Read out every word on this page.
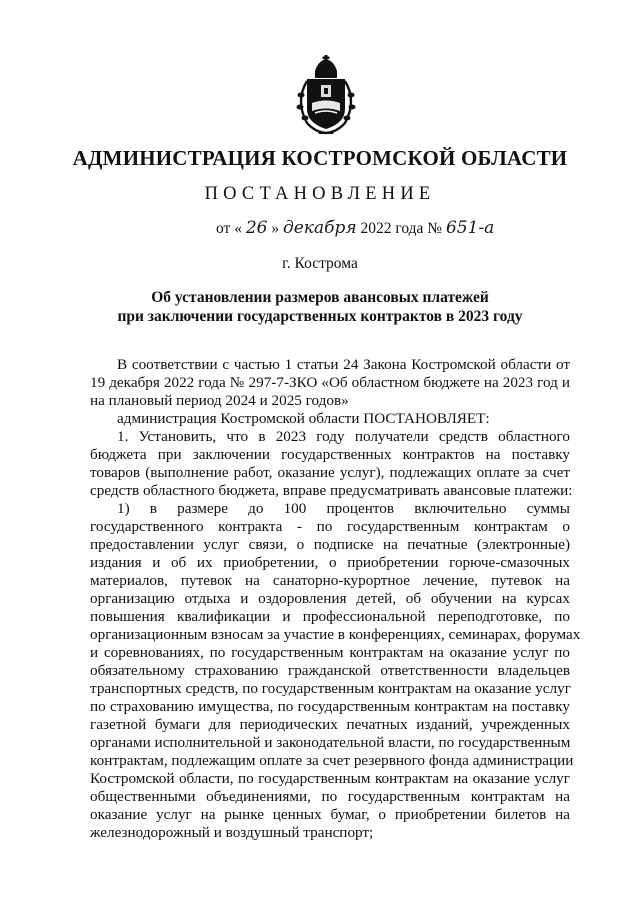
АДМИНИСТРАЦИЯ КОСТРОМСКОЙ ОБЛАСТИ
ПОСТАНОВЛЕНИЕ
от « 26 » декабря 2022 года № 651-а
г. Кострома
Об установлении размеров авансовых платежей
при заключении государственных контрактов в 2023 году
В соответствии с частью 1 статьи 24 Закона Костромской области от
19 декабря 2022 года № 297-7-ЗКО «Об областном бюджете на 2023 год и
на плановый период 2024 и 2025 годов»
администрация Костромской области ПОСТАНОВЛЯЕТ:
1. Установить, что в 2023 году получатели средств областного
бюджета при заключении государственных контрактов на поставку
товаров (выполнение работ, оказание услуг), подлежащих оплате за счет
средств областного бюджета, вправе предусматривать авансовые платежи:
1) в размере до 100 процентов включительно суммы
государственного контракта - по государственным контрактам о
предоставлении услуг связи, о подписке на печатные (электронные)
издания и об их приобретении, о приобретении горюче-смазочных
материалов, путевок на санаторно-курортное лечение, путевок на
организацию отдыха и оздоровления детей, об обучении на курсах
повышения квалификации и профессиональной переподготовке, по
организационным взносам за участие в конференциях, семинарах, форумах
и соревнованиях, по государственным контрактам на оказание услуг по
обязательному страхованию гражданской ответственности владельцев
транспортных средств, по государственным контрактам на оказание услуг
по страхованию имущества, по государственным контрактам на поставку
газетной бумаги для периодических печатных изданий, учрежденных
органами исполнительной и законодательной власти, по государственным
контрактам, подлежащим оплате за счет резервного фонда администрации
Костромской области, по государственным контрактам на оказание услуг
общественными объединениями, по государственным контрактам на
оказание услуг на рынке ценных бумаг, о приобретении билетов на
железнодорожный и воздушный транспорт;
